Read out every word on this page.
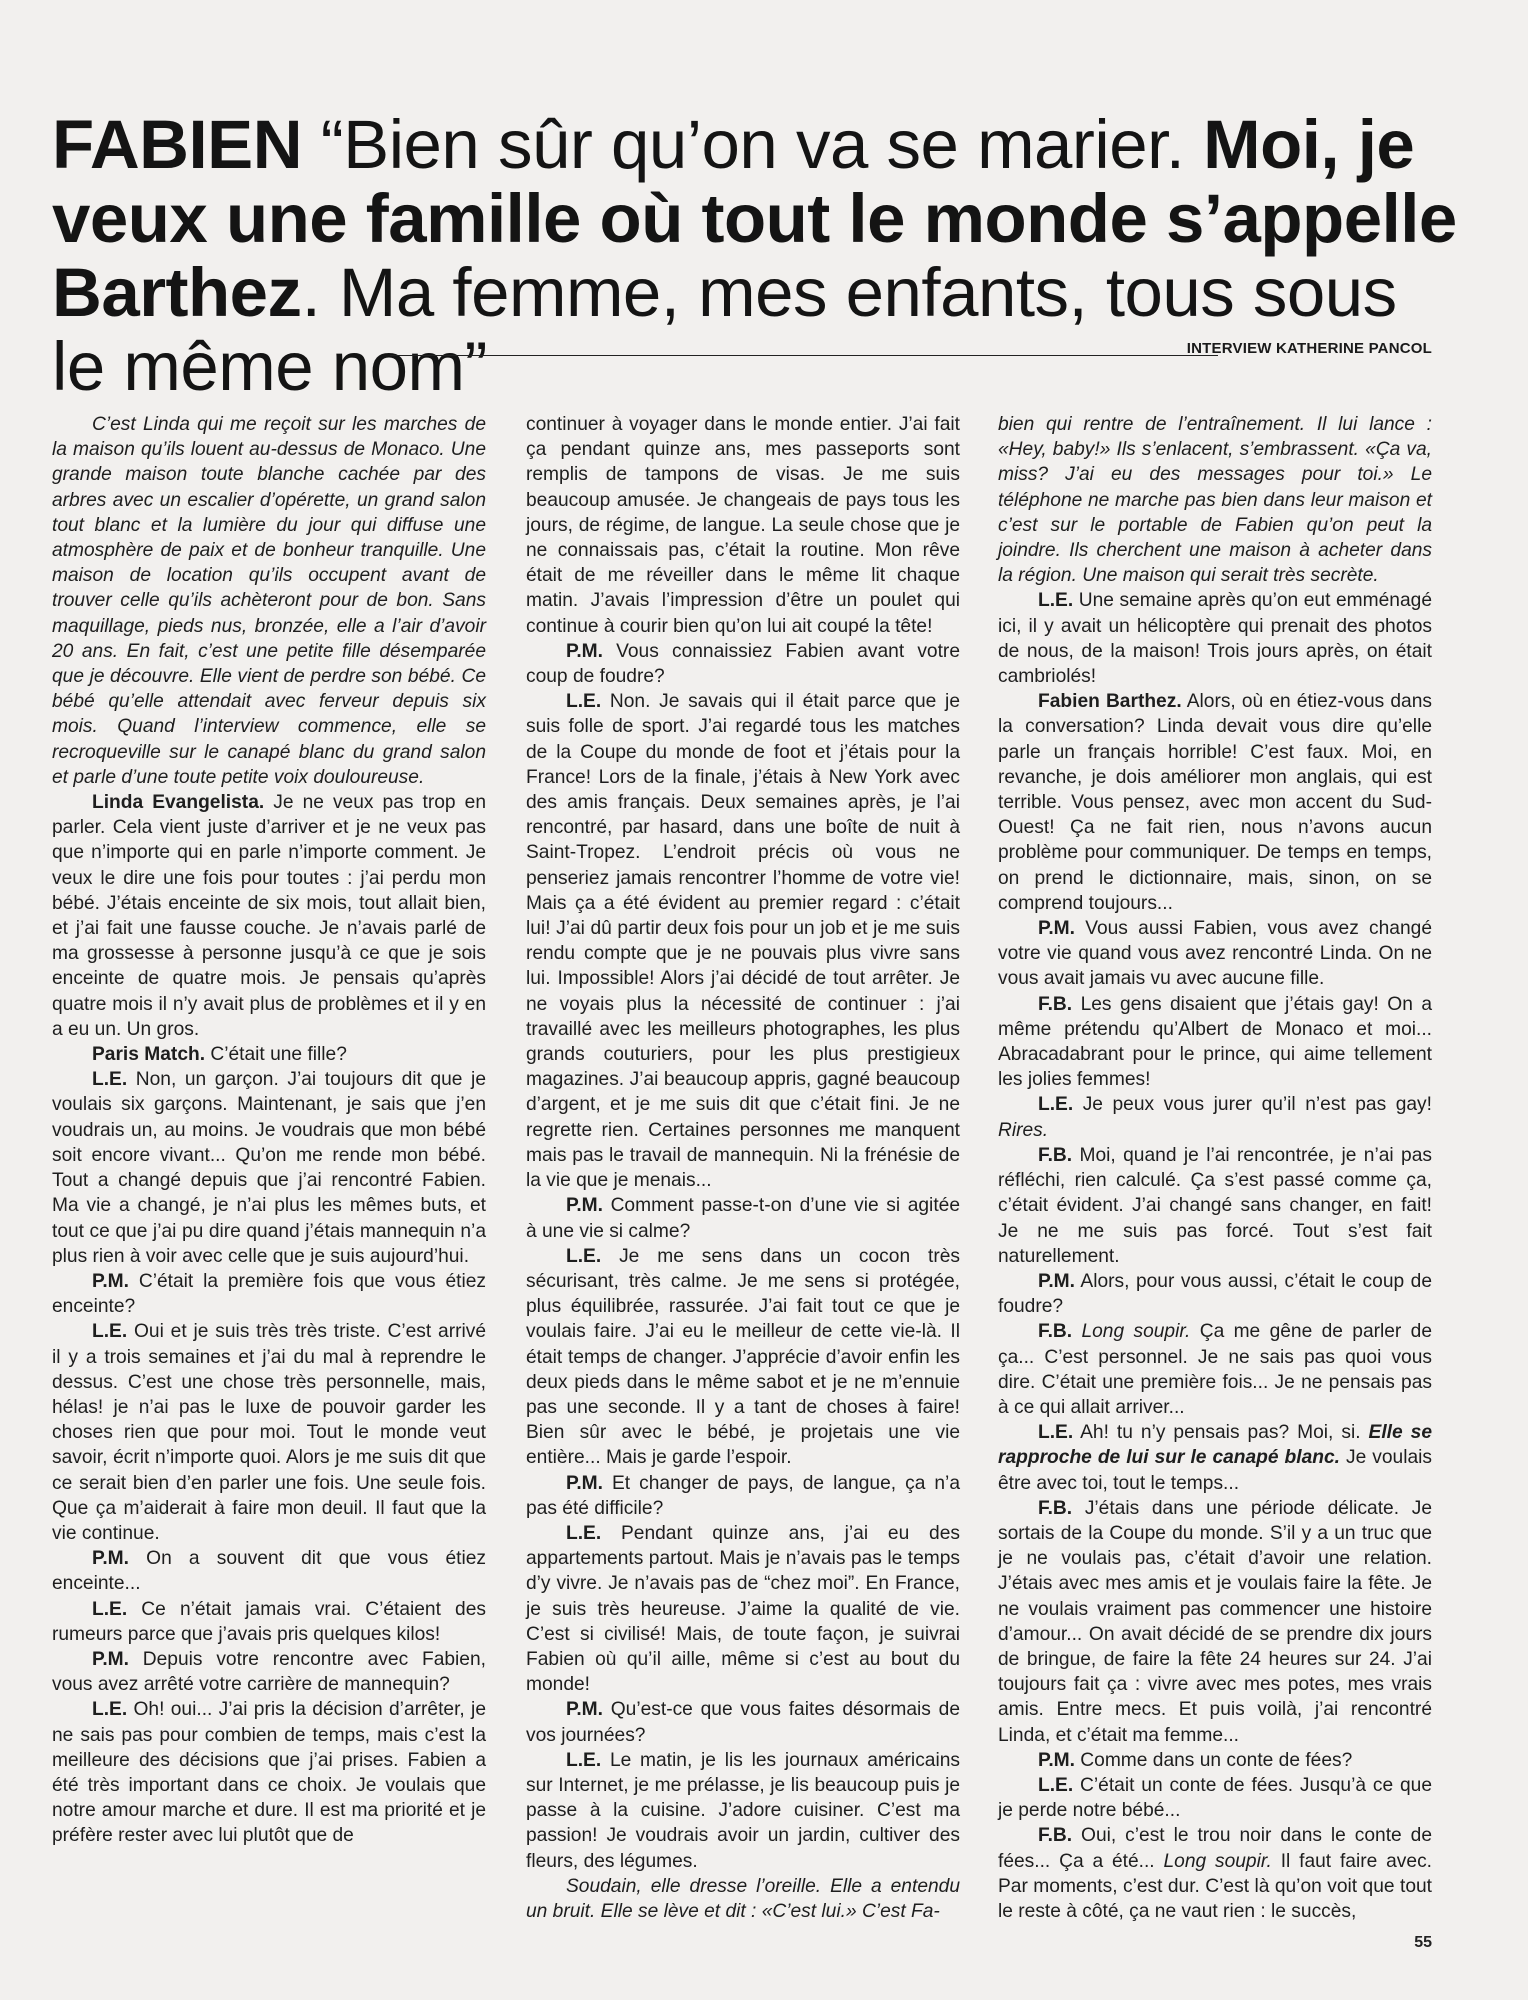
FABIEN “Bien sûr qu’on va se marier. Moi, je veux une famille où tout le monde s’appelle Barthez. Ma femme, mes enfants, tous sous le même nom”	INTERVIEW KATHERINE PANCOL

C’est Linda qui me reçoit sur les marches de la maison qu’ils louent au-dessus de Monaco. Une grande maison toute blanche cachée par des arbres avec un escalier d’opérette, un grand salon tout blanc et la lumière du jour qui diffuse une atmosphère de paix et de bonheur tranquille. Une maison de location qu’ils occupent avant de trouver celle qu’ils achèteront pour de bon. Sans maquillage, pieds nus, bronzée, elle a l’air d’avoir 20 ans. En fait, c’est une petite fille désemparée que je découvre. Elle vient de perdre son bébé. Ce bébé qu’elle attendait avec ferveur depuis six mois. Quand l’interview commence, elle se recroqueville sur le canapé blanc du grand salon et parle d’une toute petite voix douloureuse.

Linda Evangelista. Je ne veux pas trop en parler. Cela vient juste d’arriver et je ne veux pas que n’importe qui en parle n’importe comment. Je veux le dire une fois pour toutes : j’ai perdu mon bébé. J’étais enceinte de six mois, tout allait bien, et j’ai fait une fausse couche. Je n’avais parlé de ma grossesse à personne jusqu’à ce que je sois enceinte de quatre mois. Je pensais qu’après quatre mois il n’y avait plus de problèmes et il y en a eu un. Un gros.

Paris Match. C’était une fille?

L.E. Non, un garçon. J’ai toujours dit que je voulais six garçons. Maintenant, je sais que j’en voudrais un, au moins. Je voudrais que mon bébé soit encore vivant... Qu’on me rende mon bébé. Tout a changé depuis que j’ai rencontré Fabien. Ma vie a changé, je n’ai plus les mêmes buts, et tout ce que j’ai pu dire quand j’étais mannequin n’a plus rien à voir avec celle que je suis aujourd’hui.

P.M. C’était la première fois que vous étiez enceinte?

L.E. Oui et je suis très très triste. C’est arrivé il y a trois semaines et j’ai du mal à reprendre le dessus. C’est une chose très personnelle, mais, hélas! je n’ai pas le luxe de pouvoir garder les choses rien que pour moi. Tout le monde veut savoir, écrit n’importe quoi. Alors je me suis dit que ce serait bien d’en parler une fois. Une seule fois. Que ça m’aiderait à faire mon deuil. Il faut que la vie continue.

P.M. On a souvent dit que vous étiez enceinte...

L.E. Ce n’était jamais vrai. C’étaient des rumeurs parce que j’avais pris quelques kilos!

P.M. Depuis votre rencontre avec Fabien, vous avez arrêté votre carrière de mannequin?

L.E. Oh! oui... J’ai pris la décision d’arrêter, je ne sais pas pour combien de temps, mais c’est la meilleure des décisions que j’ai prises. Fabien a été très important dans ce choix. Je voulais que notre amour marche et dure. Il est ma priorité et je préfère rester avec lui plutôt que de

continuer à voyager dans le monde entier. J’ai fait ça pendant quinze ans, mes passeports sont remplis de tampons de visas. Je me suis beaucoup amusée. Je changeais de pays tous les jours, de régime, de langue. La seule chose que je ne connaissais pas, c’était la routine. Mon rêve était de me réveiller dans le même lit chaque matin. J’avais l’impression d’être un poulet qui continue à courir bien qu’on lui ait coupé la tête!

P.M. Vous connaissiez Fabien avant votre coup de foudre?

L.E. Non. Je savais qui il était parce que je suis folle de sport. J’ai regardé tous les matches de la Coupe du monde de foot et j’étais pour la France! Lors de la finale, j’étais à New York avec des amis français. Deux semaines après, je l’ai rencontré, par hasard, dans une boîte de nuit à Saint-Tropez. L’endroit précis où vous ne penseriez jamais rencontrer l’homme de votre vie! Mais ça a été évident au premier regard : c’était lui! J’ai dû partir deux fois pour un job et je me suis rendu compte que je ne pouvais plus vivre sans lui. Impossible! Alors j’ai décidé de tout arrêter. Je ne voyais plus la nécessité de continuer : j’ai travaillé avec les meilleurs photographes, les plus grands couturiers, pour les plus prestigieux magazines. J’ai beaucoup appris, gagné beaucoup d’argent, et je me suis dit que c’était fini. Je ne regrette rien. Certaines personnes me manquent mais pas le travail de mannequin. Ni la frénésie de la vie que je menais...

P.M. Comment passe-t-on d’une vie si agitée à une vie si calme?

L.E. Je me sens dans un cocon très sécurisant, très calme. Je me sens si protégée, plus équilibrée, rassurée. J’ai fait tout ce que je voulais faire. J’ai eu le meilleur de cette vie-là. Il était temps de changer. J’apprécie d’avoir enfin les deux pieds dans le même sabot et je ne m’ennuie pas une seconde. Il y a tant de choses à faire! Bien sûr avec le bébé, je projetais une vie entière... Mais je garde l’espoir.

P.M. Et changer de pays, de langue, ça n’a pas été difficile?

L.E. Pendant quinze ans, j’ai eu des appartements partout. Mais je n’avais pas le temps d’y vivre. Je n’avais pas de “chez moi”. En France, je suis très heureuse. J’aime la qualité de vie. C’est si civilisé! Mais, de toute façon, je suivrai Fabien où qu’il aille, même si c’est au bout du monde!

P.M. Qu’est-ce que vous faites désormais de vos journées?

L.E. Le matin, je lis les journaux américains sur Internet, je me prélasse, je lis beaucoup puis je passe à la cuisine. J’adore cuisiner. C’est ma passion! Je voudrais avoir un jardin, cultiver des fleurs, des légumes.

Soudain, elle dresse l’oreille. Elle a entendu un bruit. Elle se lève et dit : «C’est lui.» C’est Fa-

bien qui rentre de l’entraînement. Il lui lance : «Hey, baby!» Ils s’enlacent, s’embrassent. «Ça va, miss? J’ai eu des messages pour toi.» Le téléphone ne marche pas bien dans leur maison et c’est sur le portable de Fabien qu’on peut la joindre. Ils cherchent une maison à acheter dans la région. Une maison qui serait très secrète.

L.E. Une semaine après qu’on eut emménagé ici, il y avait un hélicoptère qui prenait des photos de nous, de la maison! Trois jours après, on était cambriolés!

Fabien Barthez. Alors, où en étiez-vous dans la conversation? Linda devait vous dire qu’elle parle un français horrible! C’est faux. Moi, en revanche, je dois améliorer mon anglais, qui est terrible. Vous pensez, avec mon accent du Sud-Ouest! Ça ne fait rien, nous n’avons aucun problème pour communiquer. De temps en temps, on prend le dictionnaire, mais, sinon, on se comprend toujours...

P.M. Vous aussi Fabien, vous avez changé votre vie quand vous avez rencontré Linda. On ne vous avait jamais vu avec aucune fille.

F.B. Les gens disaient que j’étais gay! On a même prétendu qu’Albert de Monaco et moi... Abracadabrant pour le prince, qui aime tellement les jolies femmes!

L.E. Je peux vous jurer qu’il n’est pas gay! Rires.

F.B. Moi, quand je l’ai rencontrée, je n’ai pas réfléchi, rien calculé. Ça s’est passé comme ça, c’était évident. J’ai changé sans changer, en fait! Je ne me suis pas forcé. Tout s’est fait naturellement.

P.M. Alors, pour vous aussi, c’était le coup de foudre?

F.B. Long soupir. Ça me gêne de parler de ça... C’est personnel. Je ne sais pas quoi vous dire. C’était une première fois... Je ne pensais pas à ce qui allait arriver...

L.E. Ah! tu n’y pensais pas? Moi, si. Elle se rapproche de lui sur le canapé blanc. Je voulais être avec toi, tout le temps...

F.B. J’étais dans une période délicate. Je sortais de la Coupe du monde. S’il y a un truc que je ne voulais pas, c’était d’avoir une relation. J’étais avec mes amis et je voulais faire la fête. Je ne voulais vraiment pas commencer une histoire d’amour... On avait décidé de se prendre dix jours de bringue, de faire la fête 24 heures sur 24. J’ai toujours fait ça : vivre avec mes potes, mes vrais amis. Entre mecs. Et puis voilà, j’ai rencontré Linda, et c’était ma femme...

P.M. Comme dans un conte de fées?

L.E. C’était un conte de fées. Jusqu’à ce que je perde notre bébé...

F.B. Oui, c’est le trou noir dans le conte de fées... Ça a été... Long soupir. Il faut faire avec. Par moments, c’est dur. C’est là qu’on voit que tout le reste à côté, ça ne vaut rien : le succès,

55
